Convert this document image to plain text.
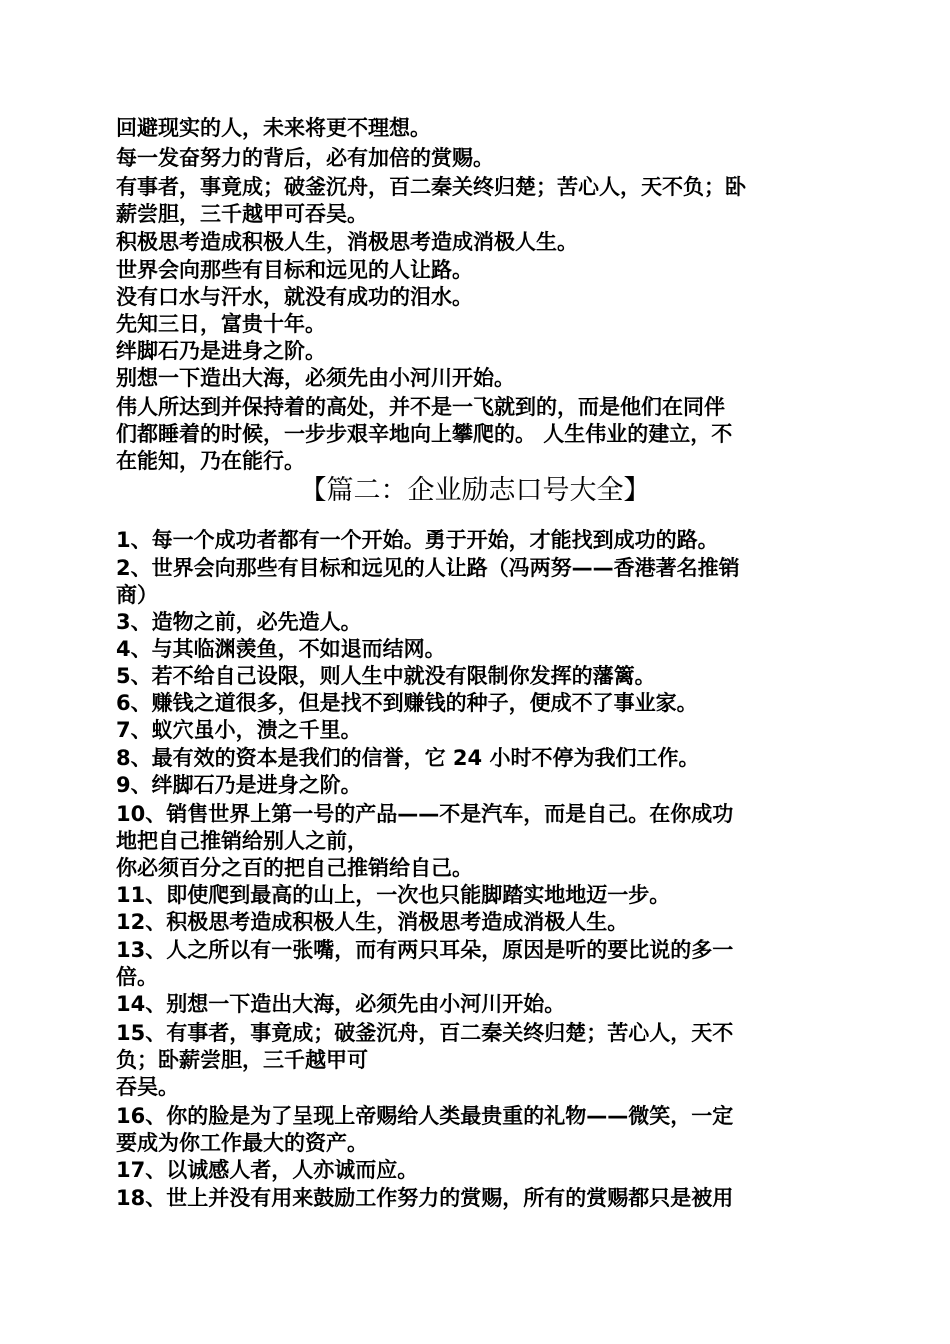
回避现实的人，未来将更不理想。
每一发奋努力的背后，必有加倍的赏赐。
有事者，事竟成；破釜沉舟，百二秦关终归楚；苦心人，天不负；卧
薪尝胆，三千越甲可吞吴。
积极思考造成积极人生，消极思考造成消极人生。
世界会向那些有目标和远见的人让路。
没有口水与汗水，就没有成功的泪水。
先知三日，富贵十年。
绊脚石乃是进身之阶。
别想一下造出大海，必须先由小河川开始。
伟人所达到并保持着的高处，并不是一飞就到的，而是他们在同伴
们都睡着的时候，一步步艰辛地向上攀爬的。 人生伟业的建立，不
在能知，乃在能行。
【篇二：企业励志口号大全】
1、每一个成功者都有一个开始。勇于开始，才能找到成功的路。
2、世界会向那些有目标和远见的人让路（冯两努——香港著名推销
商）
3、造物之前，必先造人。
4、与其临渊羡鱼，不如退而结网。
5、若不给自己设限，则人生中就没有限制你发挥的藩篱。
6、赚钱之道很多，但是找不到赚钱的种子，便成不了事业家。
7、蚁穴虽小，溃之千里。
8、最有效的资本是我们的信誉，它 24 小时不停为我们工作。
9、绊脚石乃是进身之阶。
10、销售世界上第一号的产品——不是汽车，而是自己。在你成功
地把自己推销给别人之前，
你必须百分之百的把自己推销给自己。
11、即使爬到最高的山上，一次也只能脚踏实地地迈一步。
12、积极思考造成积极人生，消极思考造成消极人生。
13、人之所以有一张嘴，而有两只耳朵，原因是听的要比说的多一
倍。
14、别想一下造出大海，必须先由小河川开始。
15、有事者，事竟成；破釜沉舟，百二秦关终归楚；苦心人，天不
负；卧薪尝胆，三千越甲可
吞吴。
16、你的脸是为了呈现上帝赐给人类最贵重的礼物——微笑，一定
要成为你工作最大的资产。
17、以诚感人者，人亦诚而应。
18、世上并没有用来鼓励工作努力的赏赐，所有的赏赐都只是被用
